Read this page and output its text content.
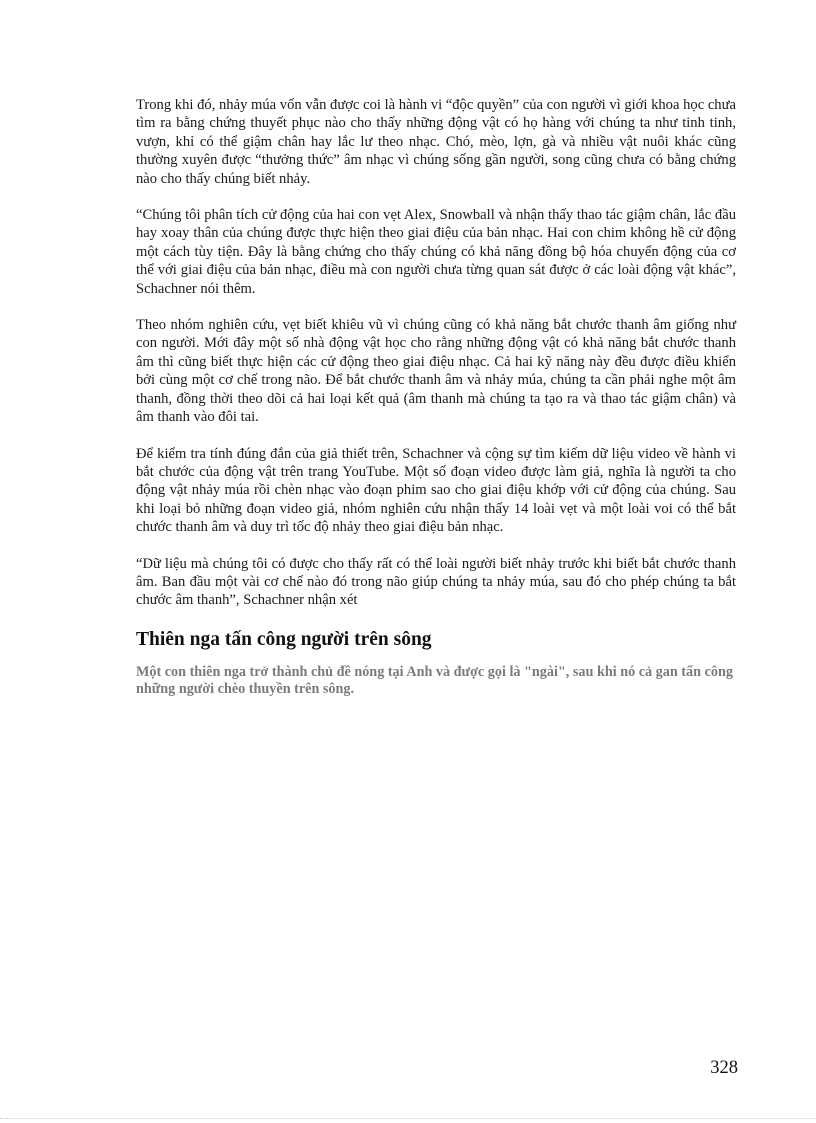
Trong khi đó, nhảy múa vốn vẫn được coi là hành vi “độc quyền” của con người vì giới khoa học chưa tìm ra bằng chứng thuyết phục nào cho thấy những động vật có họ hàng với chúng ta như tinh tinh, vượn, khỉ có thể giậm chân hay lắc lư theo nhạc. Chó, mèo, lợn, gà và nhiều vật nuôi khác cũng thường xuyên được “thưởng thức” âm nhạc vì chúng sống gần người, song cũng chưa có bằng chứng nào cho thấy chúng biết nhảy.

“Chúng tôi phân tích cử động của hai con vẹt Alex, Snowball và nhận thấy thao tác giậm chân, lắc đầu hay xoay thân của chúng được thực hiện theo giai điệu của bản nhạc. Hai con chim không hề cử động một cách tùy tiện. Đây là bằng chứng cho thấy chúng có khả năng đồng bộ hóa chuyển động của cơ thể với giai điệu của bản nhạc, điều mà con người chưa từng quan sát được ở các loài động vật khác”, Schachner nói thêm.

Theo nhóm nghiên cứu, vẹt biết khiêu vũ vì chúng cũng có khả năng bắt chước thanh âm giống như con người. Mới đây một số nhà động vật học cho rằng những động vật có khả năng bắt chước thanh âm thì cũng biết thực hiện các cử động theo giai điệu nhạc. Cả hai kỹ năng này đều được điều khiển bởi cùng một cơ chế trong não. Để bắt chước thanh âm và nhảy múa, chúng ta cần phải nghe một âm thanh, đồng thời theo dõi cả hai loại kết quả (âm thanh mà chúng ta tạo ra và thao tác giậm chân) và âm thanh vào đôi tai.

Để kiểm tra tính đúng đắn của giả thiết trên, Schachner và cộng sự tìm kiếm dữ liệu video về hành vi bắt chước của động vật trên trang YouTube. Một số đoạn video được làm giả, nghĩa là người ta cho động vật nhảy múa rồi chèn nhạc vào đoạn phim sao cho giai điệu khớp với cử động của chúng. Sau khi loại bỏ những đoạn video giả, nhóm nghiên cứu nhận thấy 14 loài vẹt và một loài voi có thể bắt chước thanh âm và duy trì tốc độ nhảy theo giai điệu bản nhạc.

“Dữ liệu mà chúng tôi có được cho thấy rất có thể loài người biết nhảy trước khi biết bắt chước thanh âm. Ban đầu một vài cơ chế nào đó trong não giúp chúng ta nhảy múa, sau đó cho phép chúng ta bắt chước âm thanh”, Schachner nhận xét

Thiên nga tấn công người trên sông
Một con thiên nga trở thành chủ đề nóng tại Anh và được gọi là "ngài", sau khi nó cả gan tấn công những người chèo thuyền trên sông.
328
